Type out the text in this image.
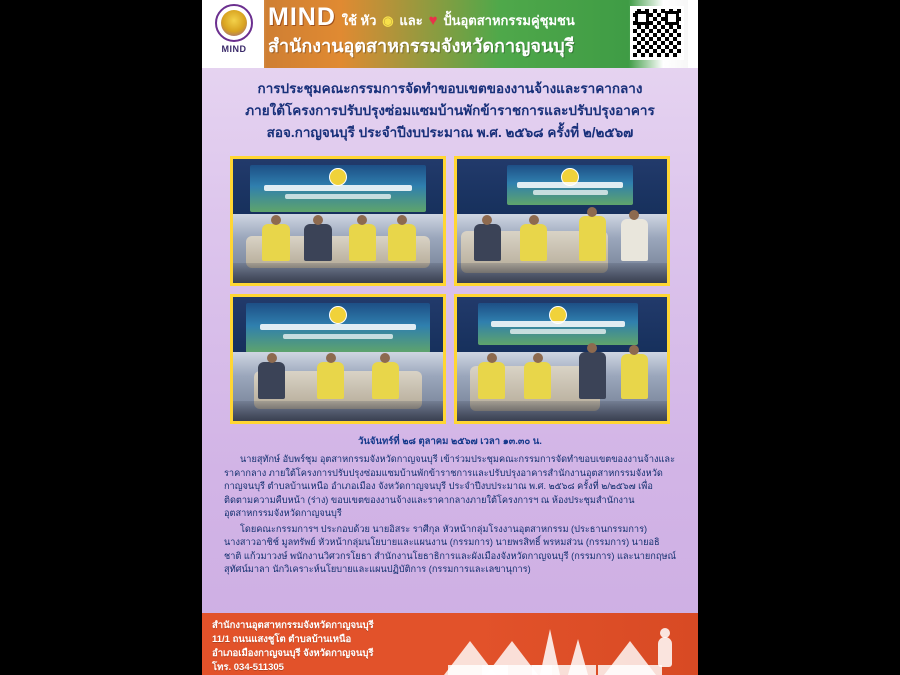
MIND
MIND ใช้ หัว ◉ และ ♥ ปั้นอุตสาหกรรมคู่ชุมชน
สำนักงานอุตสาหกรรมจังหวัดกาญจนบุรี
การประชุมคณะกรรมการจัดทำขอบเขตของงานจ้างและราคากลาง
ภายใต้โครงการปรับปรุงซ่อมแซมบ้านพักข้าราชการและปรับปรุงอาคาร
สอจ.กาญจนบุรี ประจำปีงบประมาณ พ.ศ. ๒๕๖๘ ครั้งที่ ๒/๒๕๖๗
วันจันทร์ที่ ๒๘ ตุลาคม ๒๕๖๗ เวลา ๑๓.๓๐ น.

นายสุทักษ์ อับพร์ชุม อุตสาหกรรมจังหวัดกาญจนบุรี เข้าร่วมประชุมคณะกรรมการจัดทำขอบเขตของงานจ้างและราคากลาง ภายใต้โครงการปรับปรุงซ่อมแซมบ้านพักข้าราชการและปรับปรุงอาคารสำนักงานอุตสาหกรรมจังหวัดกาญจนบุรี ตำบลบ้านเหนือ อำเภอเมือง จังหวัดกาญจนบุรี ประจำปีงบประมาณ พ.ศ. ๒๕๖๘ ครั้งที่ ๒/๒๕๖๗ เพื่อติดตามความคืบหน้า (ร่าง) ขอบเขตของงานจ้างและราคากลางภายใต้โครงการฯ ณ ห้องประชุมสำนักงานอุตสาหกรรมจังหวัดกาญจนบุรี

โดยคณะกรรมการฯ ประกอบด้วย นายอิสระ ราศีกุล หัวหน้ากลุ่มโรงงานอุตสาหกรรม (ประธานกรรมการ) นางสาวอาชิช์ มูลทรัพย์ หัวหน้ากลุ่มนโยบายและแผนงาน (กรรมการ) นายพรสิทธิ์ พรหมส่วน (กรรมการ) นายอธิชาติ แก้วมาวงษ์ พนักงานวิศวกรโยธา สำนักงานโยธาธิการและผังเมืองจังหวัดกาญจนบุรี (กรรมการ) และนายกฤษณ์สุทัศน์มาลา นักวิเคราะห์นโยบายและแผนปฏิบัติการ (กรรมการและเลขานุการ)

สำนักงานอุตสาหกรรมจังหวัดกาญจนบุรี
11/1 ถนนแสงชูโต ตำบลบ้านเหนือ
อำเภอเมืองกาญจนบุรี จังหวัดกาญจนบุรี
โทร. 034-511305
